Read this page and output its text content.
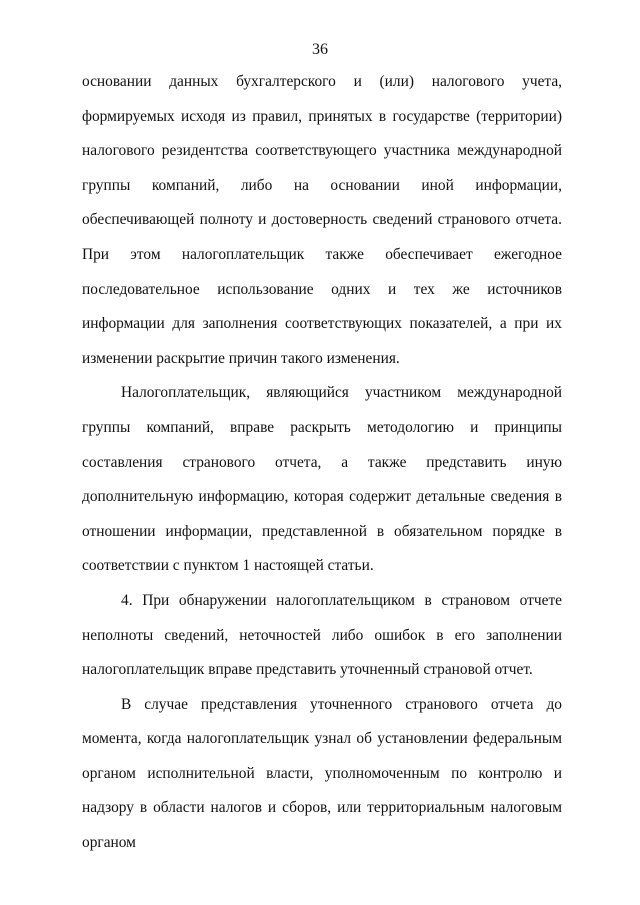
36

основании данных бухгалтерского и (или) налогового учета, формируемых исходя из правил, принятых в государстве (территории) налогового резидентства соответствующего участника международной группы компаний, либо на основании иной информации, обеспечивающей полноту и достоверность сведений странового отчета. При этом налогоплательщик также обеспечивает ежегодное последовательное использование одних и тех же источников информации для заполнения соответствующих показателей, а при их изменении раскрытие причин такого изменения.

Налогоплательщик, являющийся участником международной группы компаний, вправе раскрыть методологию и принципы составления странового отчета, а также представить иную дополнительную информацию, которая содержит детальные сведения в отношении информации, представленной в обязательном порядке в соответствии с пунктом 1 настоящей статьи.

4. При обнаружении налогоплательщиком в страновом отчете неполноты сведений, неточностей либо ошибок в его заполнении налогоплательщик вправе представить уточненный страновой отчет.

В случае представления уточненного странового отчета до момента, когда налогоплательщик узнал об установлении федеральным органом исполнительной власти, уполномоченным по контролю и надзору в области налогов и сборов, или территориальным налоговым органом
